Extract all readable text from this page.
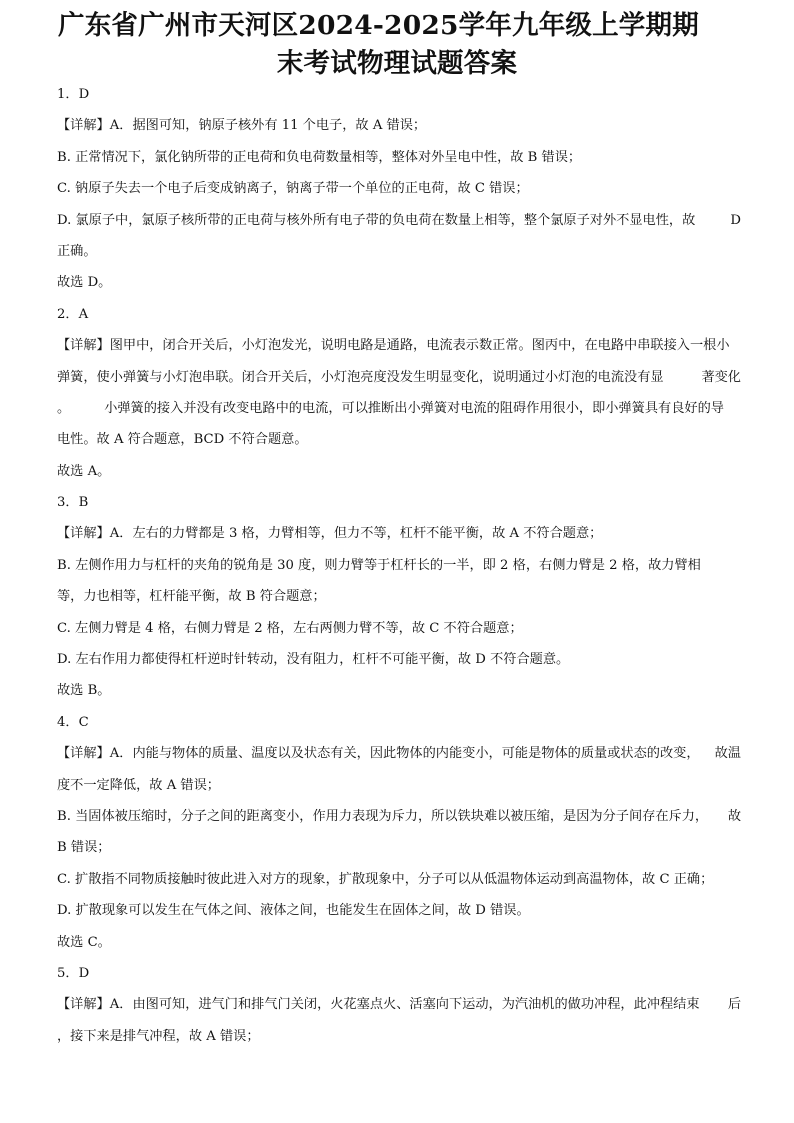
广东省广州市天河区2024-2025学年九年级上学期期
末考试物理试题答案
1．D
【详解】A．据图可知，钠原子核外有 11 个电子，故 A 错误；
B. 正常情况下，氯化钠所带的正电荷和负电荷数量相等，整体对外呈电中性，故 B 错误；
C. 钠原子失去一个电子后变成钠离子，钠离子带一个单位的正电荷，故 C 错误；
D. 氯原子中，氯原子核所带的正电荷与核外所有电子带的负电荷在数量上相等，整个氯原子对外不显电性，故	D
正确。
故选 D。
2．A
【详解】图甲中，闭合开关后，小灯泡发光，说明电路是通路，电流表示数正常。图丙中，在电路中串联接入一根小
弹簧，使小弹簧与小灯泡串联。闭合开关后，小灯泡亮度没发生明显变化，说明通过小灯泡的电流没有显	著变化
。	小弹簧的接入并没有改变电路中的电流，可以推断出小弹簧对电流的阻碍作用很小，即小弹簧具有良好的导
电性。故 A 符合题意，BCD 不符合题意。
故选 A。
3．B
【详解】A．左右的力臂都是 3 格，力臂相等，但力不等，杠杆不能平衡，故 A 不符合题意；
B. 左侧作用力与杠杆的夹角的锐角是 30 度，则力臂等于杠杆长的一半，即 2 格，右侧力臂是 2 格，故力臂相
等，力也相等，杠杆能平衡，故 B 符合题意；
C. 左侧力臂是 4 格，右侧力臂是 2 格，左右两侧力臂不等，故 C 不符合题意；
D. 左右作用力都使得杠杆逆时针转动，没有阻力，杠杆不可能平衡，故 D 不符合题意。
故选 B。
4．C
【详解】A．内能与物体的质量、温度以及状态有关，因此物体的内能变小，可能是物体的质量或状态的改变， 故温
度不一定降低，故 A 错误；
B. 当固体被压缩时，分子之间的距离变小，作用力表现为斥力，所以铁块难以被压缩，是因为分子间存在斥力， 故
B 错误；
C. 扩散指不同物质接触时彼此进入对方的现象，扩散现象中，分子可以从低温物体运动到高温物体，故 C 正确；
D. 扩散现象可以发生在气体之间、液体之间，也能发生在固体之间，故 D 错误。
故选 C。
5．D
【详解】A．由图可知，进气门和排气门关闭，火花塞点火、活塞向下运动，为汽油机的做功冲程，此冲程结束 后
，接下来是排气冲程，故 A 错误；
